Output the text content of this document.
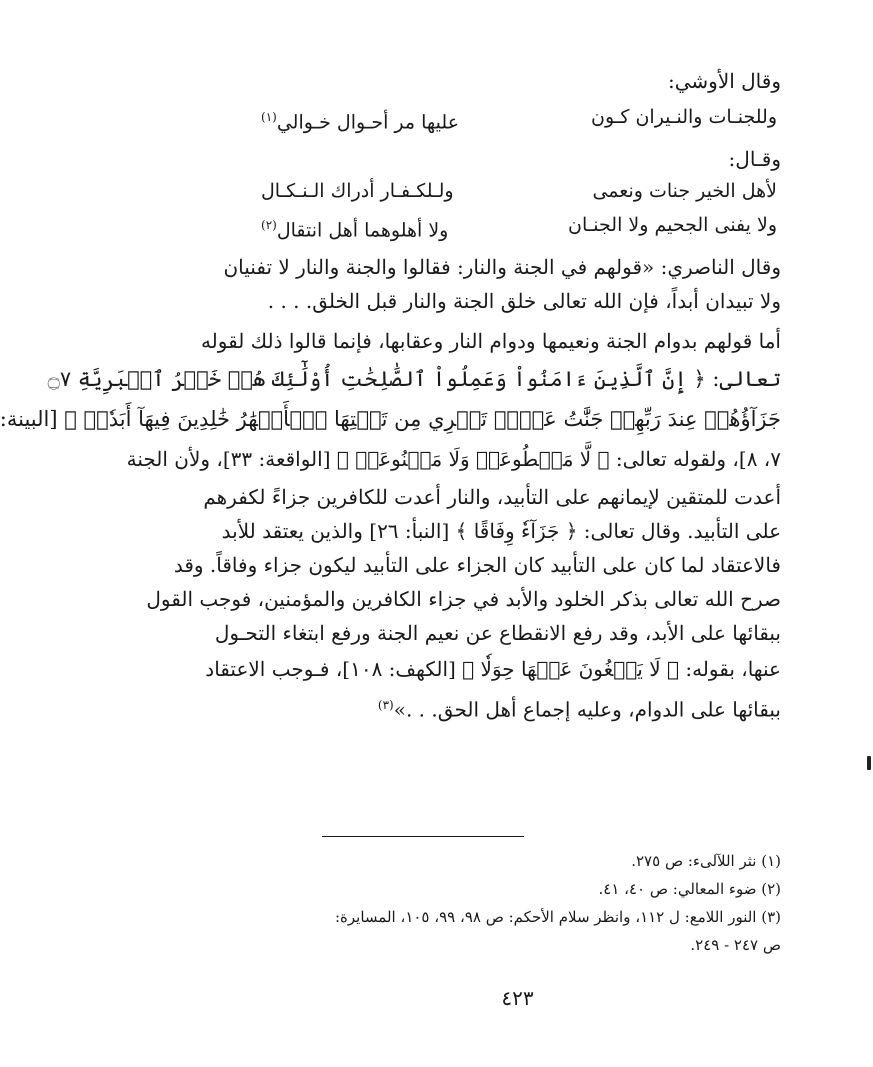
وقال الأوشي:
وللجنـات والنـيران كـون
عليها مر أحـوال خـوالي$^{(١)}$
وقـال:
لأهل الخير جنات ونعمى
ولـلكـفـار أدراك الـنـكـال
ولا يفنى الجحيم ولا الجنـان
ولا أهلوهما أهل انتقال$^{(٢)}$
وقال الناصري: «قولهم في الجنة والنار: فقالوا والجنة والنار لا تفنيان
ولا تبيدان أبداً، فإن الله تعالى خلق الجنة والنار قبل الخلق. . . .
أما قولهم بدوام الجنة ونعيمها ودوام النار وعقابها، فإنما قالوا ذلك لقوله
تعالى: ﴿ إِنَّ ٱلَّذِينَ ءَامَنُواْ وَعَمِلُواْ ٱلصَّٰلِحَٰتِ أُوْلَٰٓئِكَ هُمۡ خَيۡرُ ٱلۡبَرِيَّةِ ۝٧
جَزَآؤُهُمۡ عِندَ رَبِّهِمۡ جَنَّٰتُ عَدۡنٖ تَجۡرِي مِن تَحۡتِهَا ٱلۡأَنۡهَٰرُ خَٰلِدِينَ فِيهَآ أَبَدٗاۖ ﴾ [البينة:
٧، ٨]، ولقوله تعالى: ﴿ لَّا مَقۡطُوعَةٖ وَلَا مَمۡنُوعَةٖ ﴾ [الواقعة: ٣٣]، ولأن الجنة
أعدت للمتقين لإيمانهم على التأبيد، والنار أعدت للكافرين جزاءً لكفرهم
على التأبيد. وقال تعالى: ﴿ جَزَآءٗ وِفَاقًا ﴾ [النبأ: ٢٦] والذين يعتقد للأبد
فالاعتقاد لما كان على التأبيد كان الجزاء على التأبيد ليكون جزاء وفاقاً. وقد
صرح الله تعالى بذكر الخلود والأبد في جزاء الكافرين والمؤمنين، فوجب القول
ببقائها على الأبد، وقد رفع الانقطاع عن نعيم الجنة ورفع ابتغاء التحـول
عنها، بقوله: ﴿ لَا يَبۡغُونَ عَنۡهَا حِوَلٗا ﴾ [الكهف: ١٠٨]، فـوجب الاعتقاد
ببقائها على الدوام، وعليه إجماع أهل الحق. . .»$^{(٣)}$
(١) نثر اللآلىء: ص ٢٧٥.
(٢) ضوء المعالي: ص ٤٠، ٤١.
(٣) النور اللامع: ل ١١٢، وانظر سلام الأحكم: ص ٩٨، ٩٩، ١٠٥، المسايرة:
ص ٢٤٧ - ٢٤٩.
٤٢٣
